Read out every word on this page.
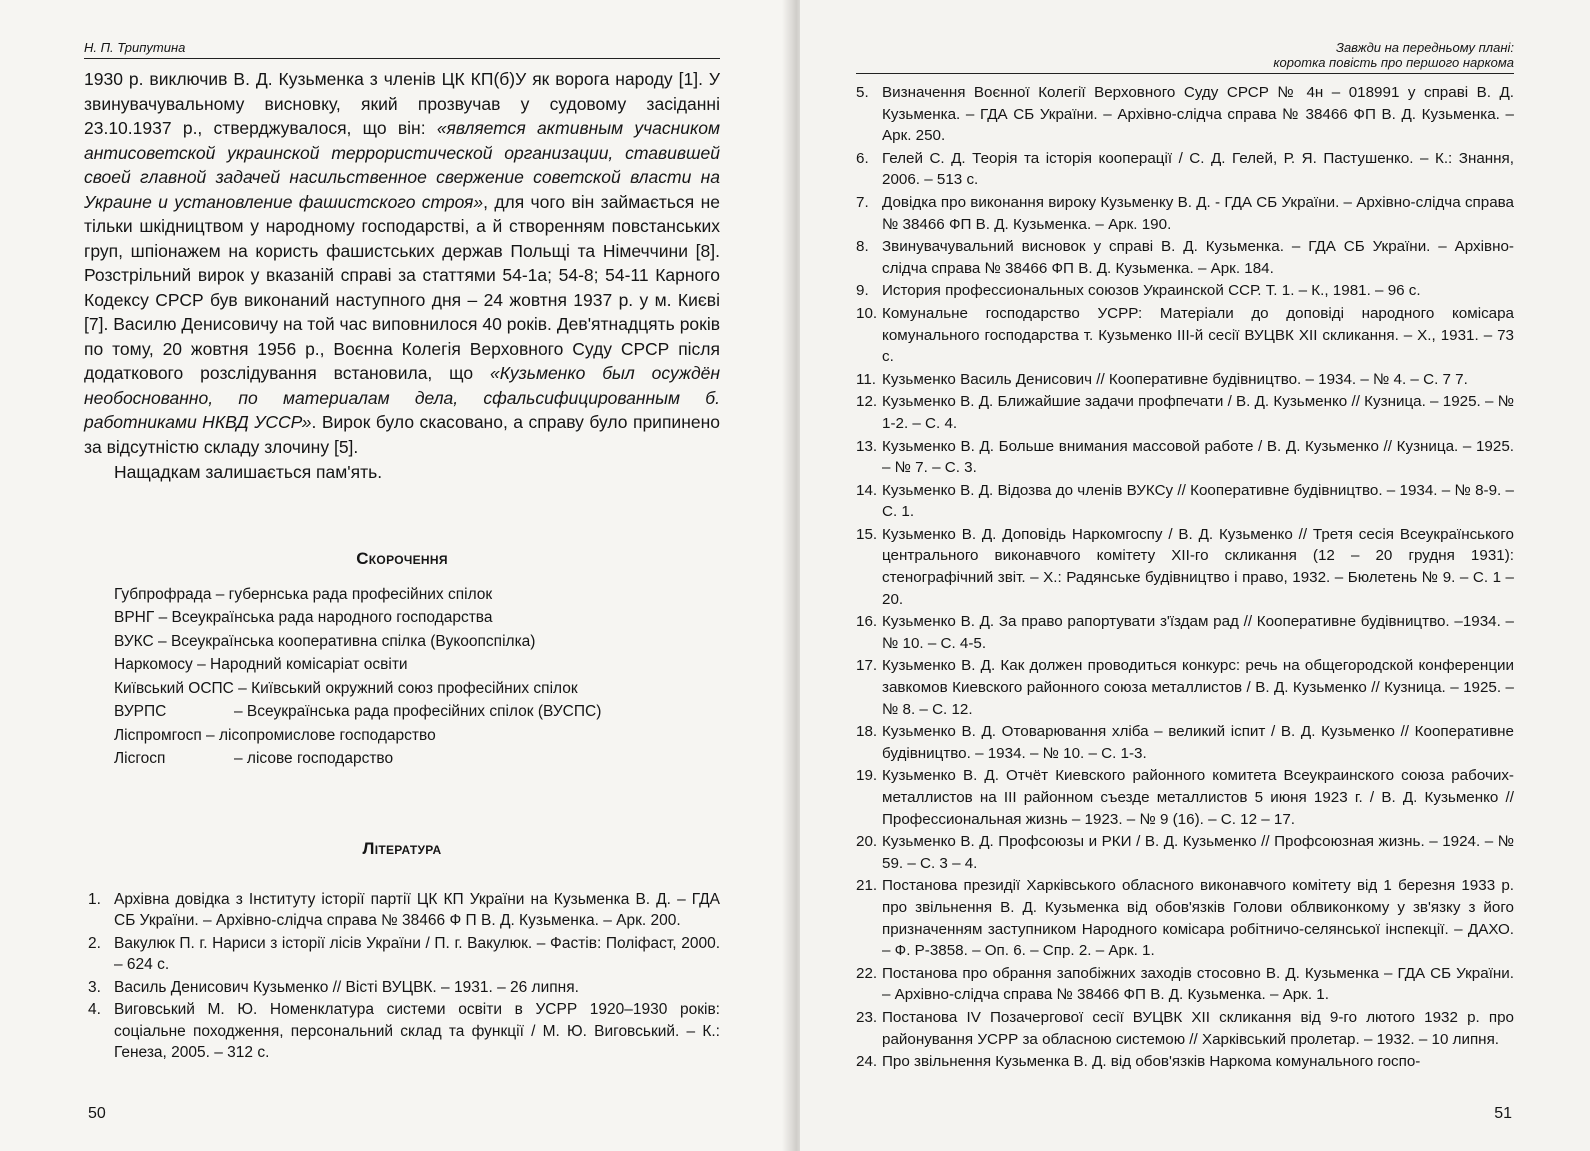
Н. П. Трипутина

1930 р. виключив В. Д. Кузьменка з членів ЦК КП(б)У як ворога народу [1]. У звинувачувальному висновку, який прозвучав у судовому засіданні 23.10.1937 р., стверджувалося, що він: «является активным учасником антисоветской украинской террористической организации, ставившей своей главной задачей насильственное свержение советской власти на Украине и установление фашистского строя», для чого він займається не тільки шкідництвом у народному господарстві, а й створенням повстанських груп, шпіонажем на користь фашистських держав Польщі та Німеччини [8]. Розстрільний вирок у вказаній справі за статтями 54-1а; 54-8; 54-11 Карного Кодексу СРСР був виконаний наступного дня – 24 жовтня 1937 р. у м. Києві [7]. Василю Денисовичу на той час виповнилося 40 років. Дев'ятнадцять років по тому, 20 жовтня 1956 р., Воєнна Колегія Верховного Суду СРСР після додаткового розслідування встановила, що «Кузьменко был осуждён необоснованно, по материалам дела, сфальсифицированным б. работниками НКВД УССР». Вирок було скасовано, а справу було припинено за відсутністю складу злочину [5].

Нащадкам залишається пам'ять.

Скорочення
Губпрофрада – губернська рада професійних спілок
ВРНГ – Всеукраїнська рада народного господарства
ВУКС – Всеукраїнська кооперативна спілка (Вукоопспілка)
Наркомосу – Народний комісаріат освіти
Київський ОСПС – Київський окружний союз професійних спілок
ВУРПС	– Всеукраїнська рада професійних спілок (ВУСПС)
Ліспромгосп – лісопромислове господарство
Лісгосп	– лісове господарство
Література
1. Архівна довідка з Інституту історії партії ЦК КП України на Кузьменка В. Д. – ГДА СБ України. – Архівно-слідча справа № 38466 Ф П В. Д. Кузьменка. – Арк. 200.
2. Вакулюк П. г. Нариси з історії лісів України / П. г. Вакулюк. – Фастів: Поліфаст, 2000. – 624 с.
3. Василь Денисович Кузьменко // Вісті ВУЦВК. – 1931. – 26 липня.
4. Виговський М. Ю. Номенклатура системи освіти в УСРР 1920–1930 років: соціальне походження, персональний склад та функції / М. Ю. Виговський. – К.: Генеза, 2005. – 312 с.
50
Завжди на передньому плані:
коротка повість про першого наркома
5. Визначення Воєнної Колегії Верховного Суду СРСР № 4н – 018991 у справі В. Д. Кузьменка. – ГДА СБ України. – Архівно-слідча справа № 38466 ФП В. Д. Кузьменка. – Арк. 250.
6. Гелей С. Д. Теорія та історія кооперації / С. Д. Гелей, Р. Я. Пастушенко. – К.: Знання, 2006. – 513 с.
7. Довідка про виконання вироку Кузьменку В. Д. - ГДА СБ України. – Архівно-слідча справа № 38466 ФП В. Д. Кузьменка. – Арк. 190.
8. Звинувачувальний висновок у справі В. Д. Кузьменка. – ГДА СБ України. – Архівно-слідча справа № 38466 ФП В. Д. Кузьменка. – Арк. 184.
9. История профессиональных союзов Украинской ССР. Т. 1. – К., 1981. – 96 с.
10. Комунальне господарство УСРР: Матеріали до доповіді народного комісара комунального господарства т. Кузьменко ІІІ-й сесії ВУЦВК ХІІ скликання. – Х., 1931. – 73 с.
11. Кузьменко Василь Денисович // Кооперативне будівництво. – 1934. – № 4. – С. 7 7.
12. Кузьменко В. Д. Ближайшие задачи профпечати / В. Д. Кузьменко // Кузница. – 1925. – № 1-2. – С. 4.
13. Кузьменко В. Д. Больше внимания массовой работе / В. Д. Кузьменко // Кузница. – 1925. – № 7. – С. 3.
14. Кузьменко В. Д. Відозва до членів ВУКСу // Кооперативне будівництво. – 1934. – № 8-9. – С. 1.
15. Кузьменко В. Д. Доповідь Наркомгоспу / В. Д. Кузьменко // Третя сесія Всеукраїнського центрального виконавчого комітету ХІІ-го скликання (12 – 20 грудня 1931): стенографічний звіт. – Х.: Радянське будівництво і право, 1932. – Бюлетень № 9. – С. 1 – 20.
16. Кузьменко В. Д. За право рапортувати з'їздам рад // Кооперативне будівництво. –1934. – № 10. – С. 4-5.
17. Кузьменко В. Д. Как должен проводиться конкурс: речь на общегородской конференции завкомов Киевского районного союза металлистов / В. Д. Кузьменко // Кузница. – 1925. – № 8. – С. 12.
18. Кузьменко В. Д. Отоварювання хліба – великий іспит / В. Д. Кузьменко // Кооперативне будівництво. – 1934. – № 10. – С. 1-3.
19. Кузьменко В. Д. Отчёт Киевского районного комитета Всеукраинского союза рабочих-металлистов на ІІІ районном съезде металлистов 5 июня 1923 г. / В. Д. Кузьменко // Профессиональная жизнь – 1923. – № 9 (16). – С. 12 – 17.
20. Кузьменко В. Д. Профсоюзы и РКИ / В. Д. Кузьменко // Профсоюзная жизнь. – 1924. – № 59. – С. 3 – 4.
21. Постанова президії Харківського обласного виконавчого комітету від 1 березня 1933 р. про звільнення В. Д. Кузьменка від обов'язків Голови облвиконкому у зв'язку з його призначенням заступником Народного комісара робітничо-селянської інспекції. – ДАХО. – Ф. Р-3858. – Оп. 6. – Спр. 2. – Арк. 1.
22. Постанова про обрання запобіжних заходів стосовно В. Д. Кузьменка – ГДА СБ України. – Архівно-слідча справа № 38466 ФП В. Д. Кузьменка. – Арк. 1.
23. Постанова IV Позачергової сесії ВУЦВК ХІІ скликання від 9-го лютого 1932 р. про районування УСРР за обласною системою // Харківський пролетар. – 1932. – 10 липня.
24. Про звільнення Кузьменка В. Д. від обов'язків Наркома комунального госпо-
51
